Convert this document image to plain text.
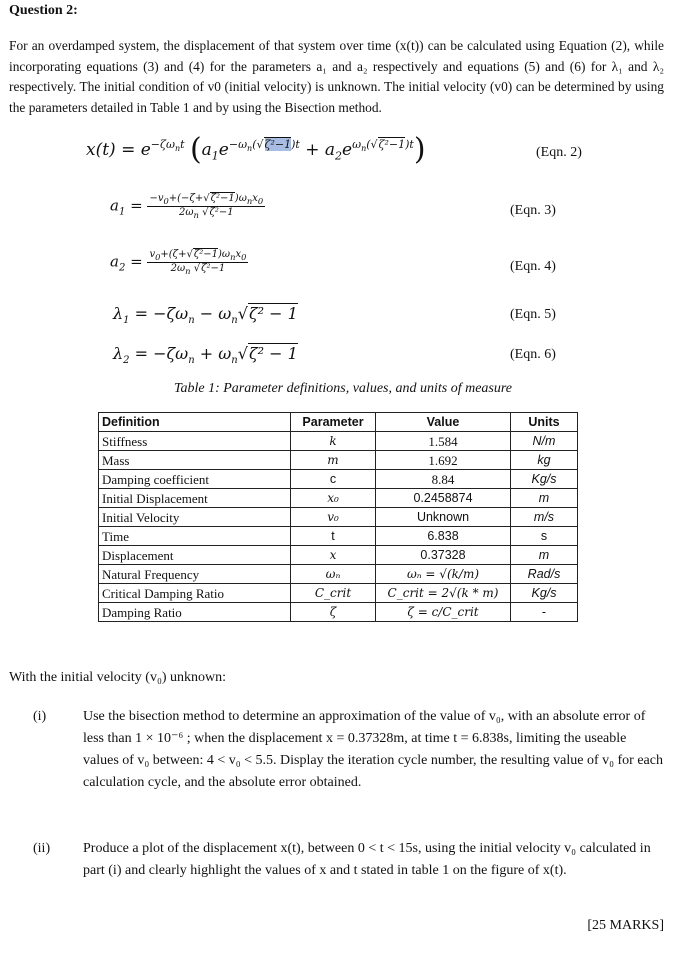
Question 2:
For an overdamped system, the displacement of that system over time (x(t)) can be calculated using Equation (2), while incorporating equations (3) and (4) for the parameters a₁ and a₂ respectively and equations (5) and (6) for λ₁ and λ₂ respectively. The initial condition of v0 (initial velocity) is unknown. The initial velocity (v0) can be determined by using the parameters detailed in Table 1 and by using the Bisection method.
$x(t) = e^{-\zeta\omega_nt}$ $(a_1e^{-\omega_n(√\zeta^2-1)t} + a_2e^{\omega_n(√\zeta^2-1)t})$	(Eqn. 2)
$a_1 = \frac{-v_0+(-\zeta+√\zeta^2-1)\omega_nx_0}{2\omega_n √\zeta^2-1}$	(Eqn. 3)
$a_2 = \frac{v_0+(\zeta+√\zeta^2-1)\omega_nx_0}{2\omega_n √\zeta^2-1}$	(Eqn. 4)
$\lambda_1 = -\zeta\omega_n - \omega_n√\zeta^2 - 1$	(Eqn. 5)
$\lambda_2 = -\zeta\omega_n + \omega_n√\zeta^2 - 1$	(Eqn. 6)
Table 1: Parameter definitions, values, and units of measure
Definition	Parameter	Value	Units
Stiffness	k	1.584	N/m
Mass	m	1.692	kg
Damping coefficient	c	8.84	Kg/s
Initial Displacement	x₀	0.2458874	m
Initial Velocity	v₀	Unknown	m/s
Time	t	6.838	s
Displacement	x	0.37328	m
Natural Frequency	ωₙ	ωₙ = √(k/m)	Rad/s
Critical Damping Ratio	C_crit	C_crit = 2√(k * m)	Kg/s
Damping Ratio	ζ	ζ = c/C_crit	-
With the initial velocity (v₀) unknown:
(i)	Use the bisection method to determine an approximation of the value of v₀, with an absolute error of less than 1 × 10⁻⁶ ; when the displacement x = 0.37328m, at time t = 6.838s, limiting the useable values of v₀ between: 4 < v₀ < 5.5. Display the iteration cycle number, the resulting value of v₀ for each calculation cycle, and the absolute error obtained.
(ii) Produce a plot of the displacement x(t), between 0 < t < 15s, using the initial velocity v₀ calculated in part (i) and clearly highlight the values of x and t stated in table 1 on the figure of x(t).
[25 MARKS]
